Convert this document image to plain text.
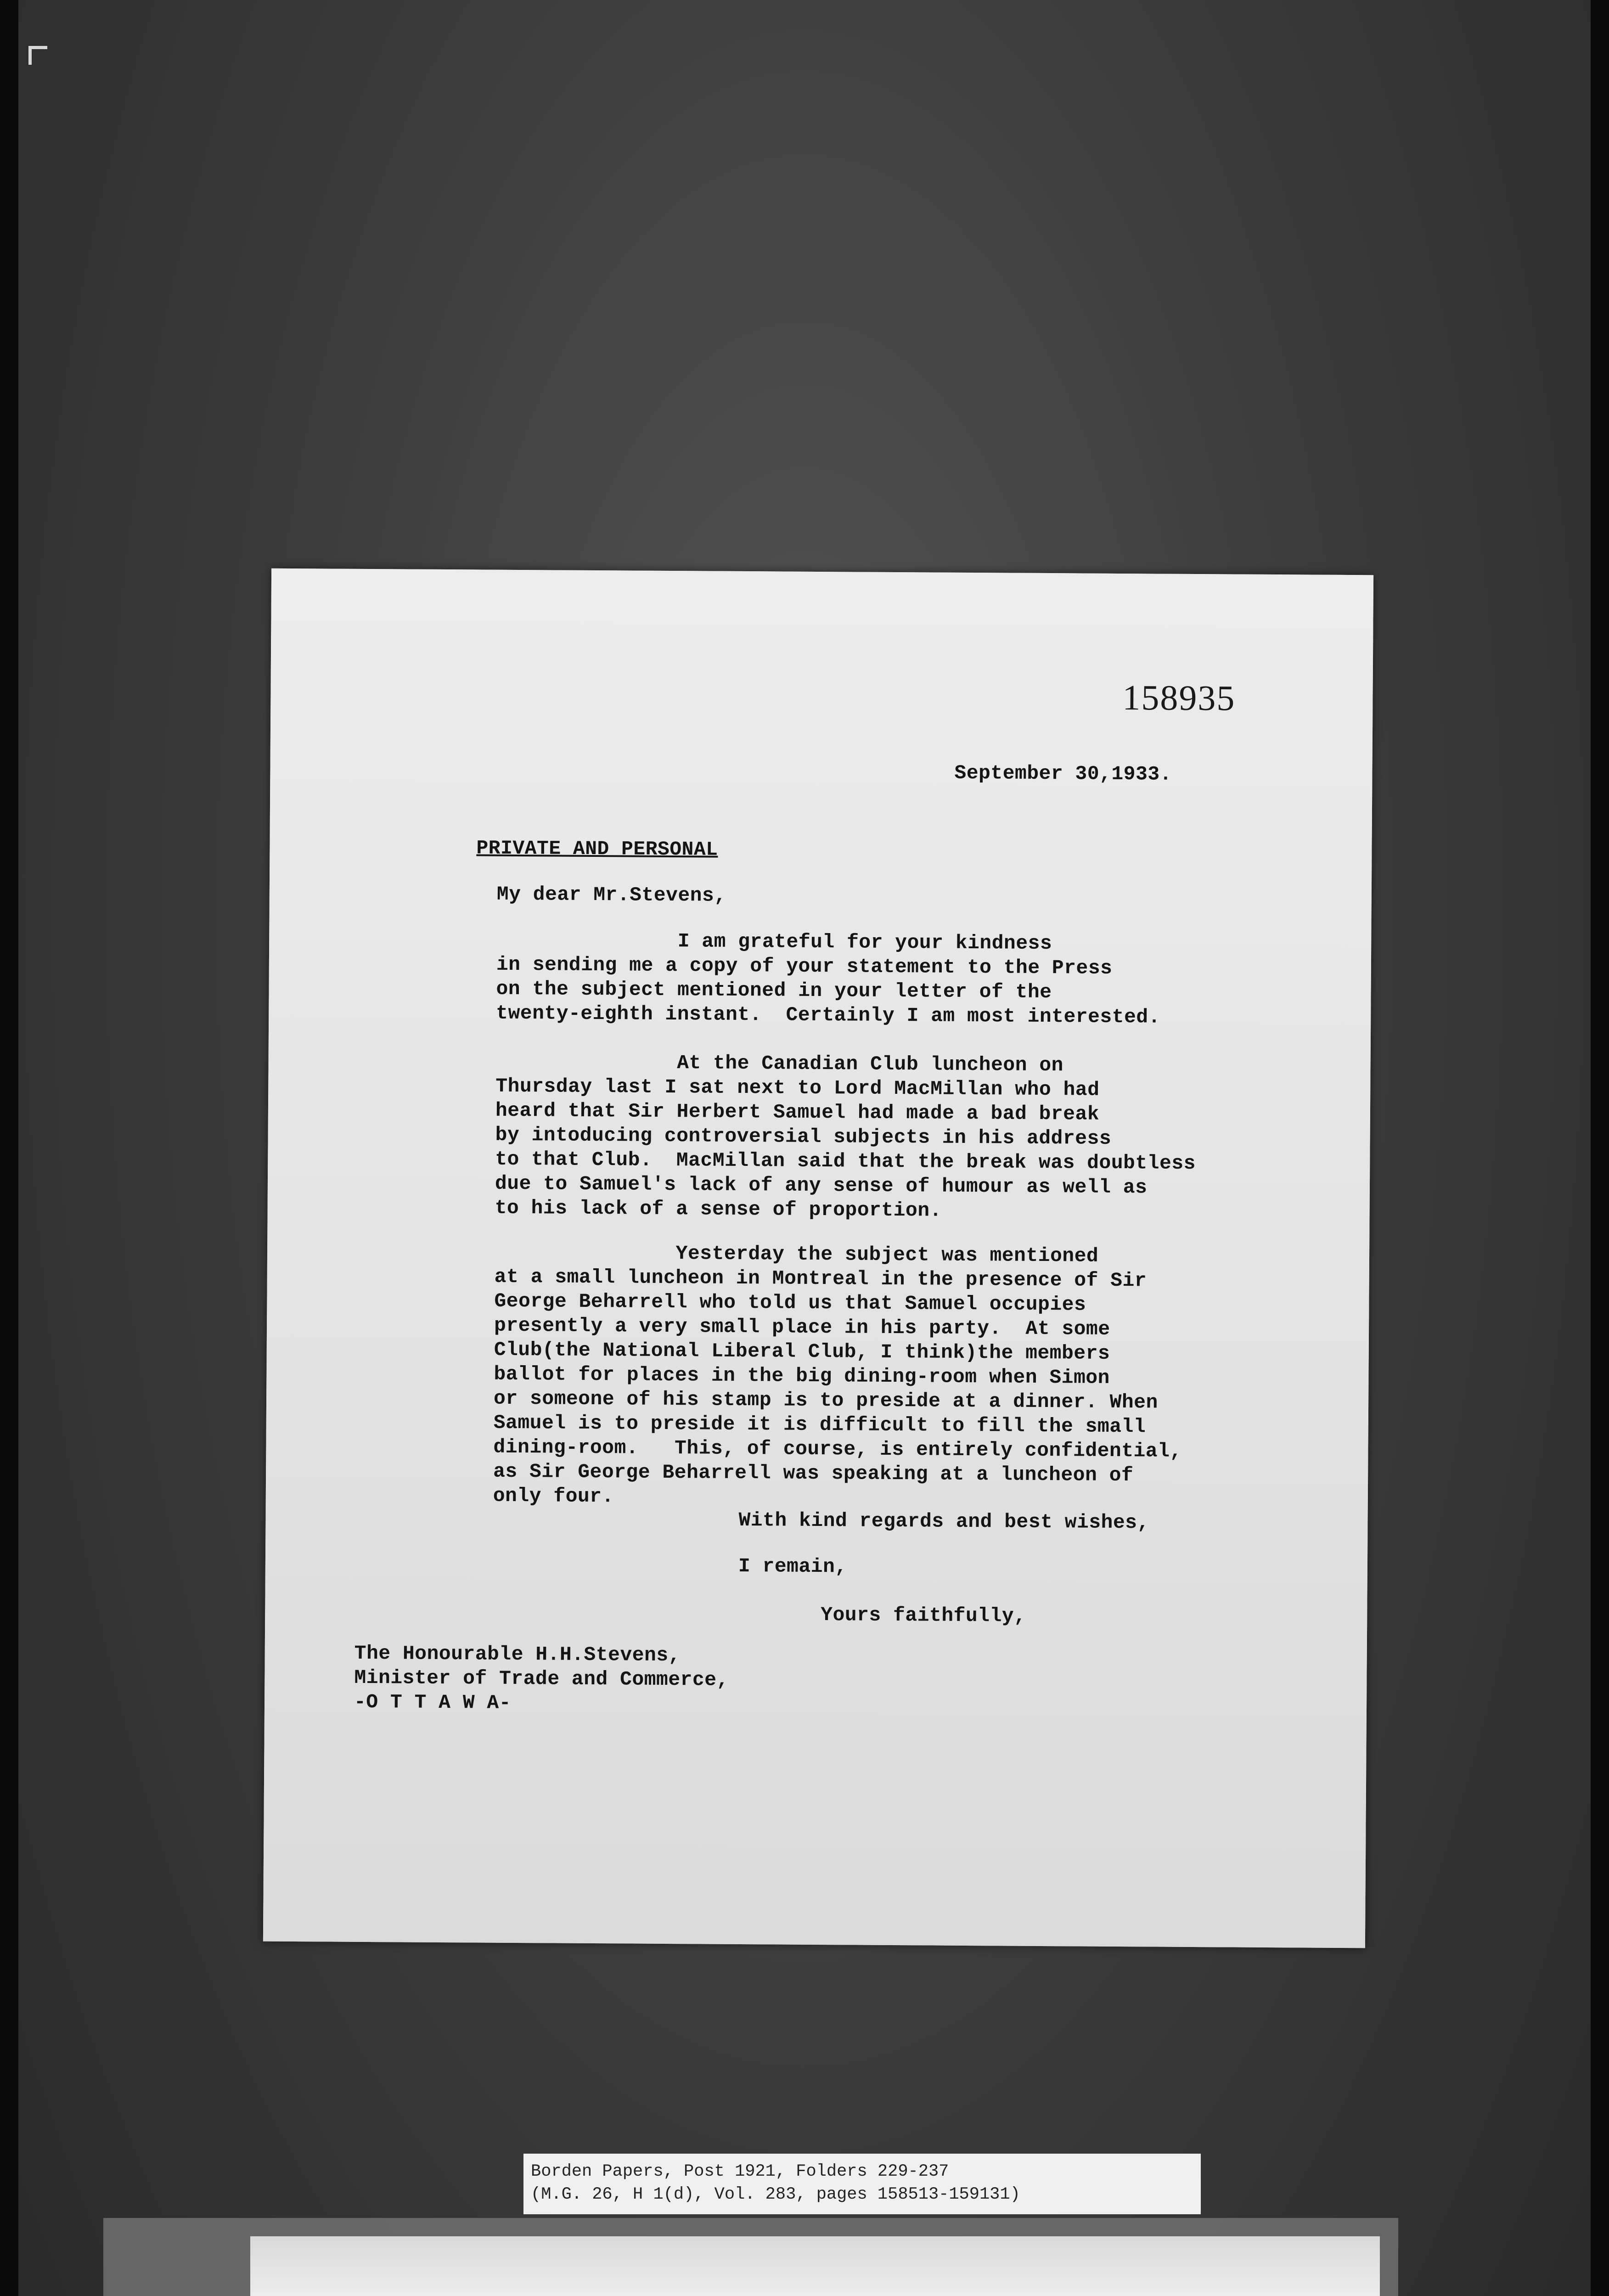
158935
September 30,1933.
PRIVATE AND PERSONAL
My dear Mr.Stevens,
I am grateful for your kindness
in sending me a copy of your statement to the Press
on the subject mentioned in your letter of the
twenty-eighth instant.  Certainly I am most interested.
At the Canadian Club luncheon on
Thursday last I sat next to Lord MacMillan who had
heard that Sir Herbert Samuel had made a bad break
by intoducing controversial subjects in his address
to that Club.  MacMillan said that the break was doubtless
due to Samuel's lack of any sense of humour as well as
to his lack of a sense of proportion.
Yesterday the subject was mentioned
at a small luncheon in Montreal in the presence of Sir
George Beharrell who told us that Samuel occupies
presently a very small place in his party.  At some
Club(the National Liberal Club, I think)the members
ballot for places in the big dining-room when Simon
or someone of his stamp is to preside at a dinner. When
Samuel is to preside it is difficult to fill the small
dining-room.   This, of course, is entirely confidential,
as Sir George Beharrell was speaking at a luncheon of
only four.
With kind regards and best wishes,
I remain,
Yours faithfully,
The Honourable H.H.Stevens,
Minister of Trade and Commerce,
-O T T A W A-
Borden Papers, Post 1921, Folders 229-237
(M.G. 26, H 1(d), Vol. 283, pages 158513-159131)
